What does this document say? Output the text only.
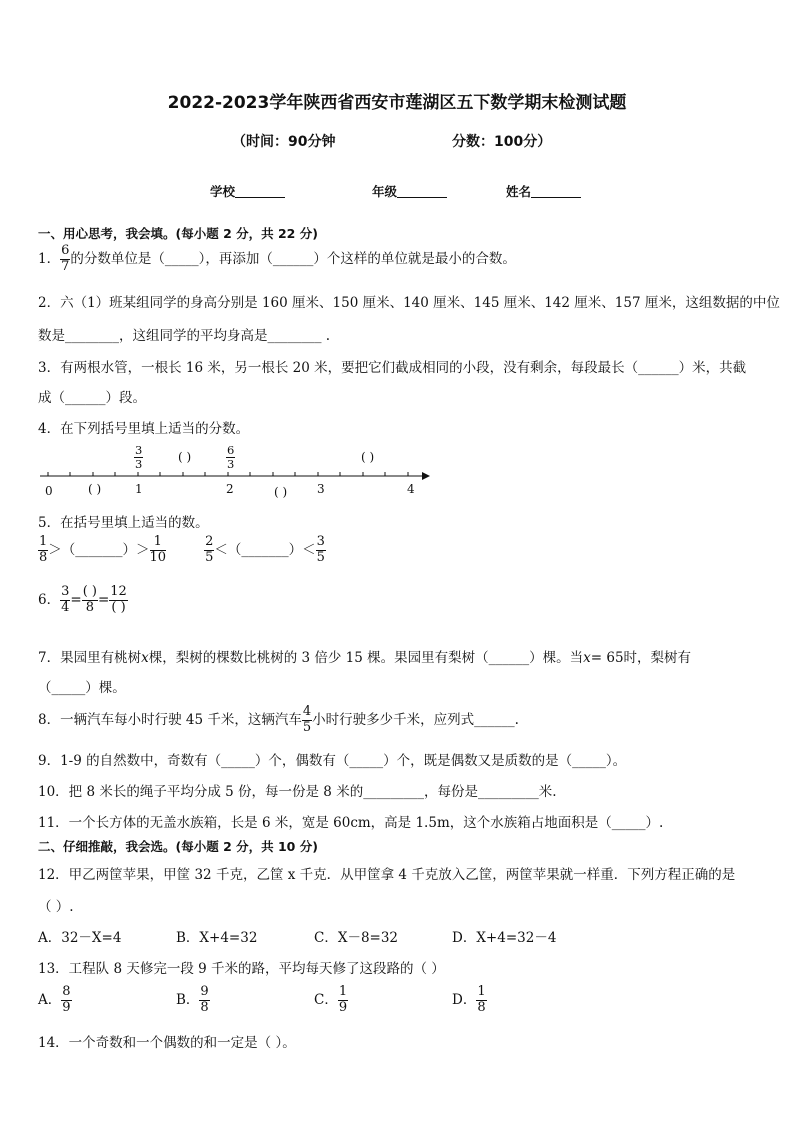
2022-2023学年陕西省西安市莲湖区五下数学期末检测试题
（时间：90分钟	分数：100分）
学校	年级	姓名
一、用心思考，我会填。(每小题 2 分，共 22 分)
1． $\frac{6}{7}$ 的分数单位是（_____），再添加（______）个这样的单位就是最小的合数。
2．六（1）班某组同学的身高分别是 160 厘米、150 厘米、140 厘米、145 厘米、142 厘米、157 厘米，这组数据的中位
数是________，这组同学的平均身高是________ .
3．有两根水管，一根长 16 米，另一根长 20 米，要把它们截成相同的小段，没有剩余，每段最长（______）米，共截
成（______）段。
4．在下列括号里填上适当的分数。
0	1	2	3	4
$\frac{3}{3}$	$\frac{6}{3}$
( )	( )
( )	( )
5．在括号里填上适当的数。
$\frac{1}{8}$ ＞（_______）＞ $\frac{1}{10}$	$\frac{2}{5}$ ＜（_______）＜ $\frac{3}{5}$
6． $\frac{3}{4} = \frac{( )}{8} = \frac{12}{( )}$
7．果园里有桃树x棵，梨树的棵数比桃树的 3 倍少 15 棵。果园里有梨树（______）棵。当x= 65时，梨树有
（_____）棵。
8．一辆汽车每小时行驶 45 千米，这辆汽车 $\frac{4}{5}$ 小时行驶多少千米，应列式______.
9．1-9 的自然数中，奇数有（_____）个，偶数有（_____）个，既是偶数又是质数的是（_____）。
10．把 8 米长的绳子平均分成 5 份，每一份是 8 米的_________，每份是_________米.
11．一个长方体的无盖水族箱，长是 6 米，宽是 60cm，高是 1.5m，这个水族箱占地面积是（_____）.
二、仔细推敲，我会选。(每小题 2 分，共 10 分)
12．甲乙两筐苹果，甲筐 32 千克，乙筐 x 千克．从甲筐拿 4 千克放入乙筐，两筐苹果就一样重．下列方程正确的是
（ ）.
A．32－X=4	B．X+4=32	C．X－8=32	D．X+4=32－4
13．工程队 8 天修完一段 9 千米的路，平均每天修了这段路的（ ）
A． $\frac{8}{9}$	B． $\frac{9}{8}$	C． $\frac{1}{9}$	D． $\frac{1}{8}$
14．一个奇数和一个偶数的和一定是（ ）。
